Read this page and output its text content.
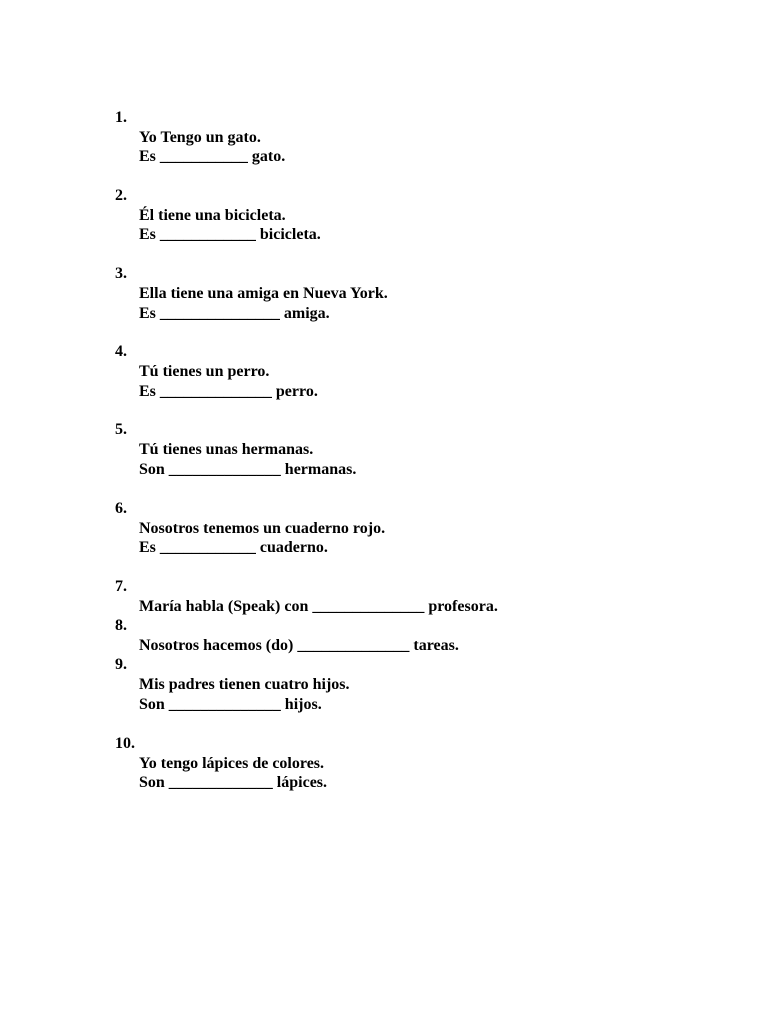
1.

Yo Tengo un gato.

Es ___________ gato.

2.

Él tiene una bicicleta.

Es ____________ bicicleta.

3.

Ella tiene una amiga en Nueva York.

Es _______________ amiga.

4.

Tú tienes un perro.

Es ______________ perro.

5.

Tú tienes unas hermanas.

Son ______________ hermanas.

6.

Nosotros tenemos un cuaderno rojo.

Es ____________ cuaderno.

7.

María habla (Speak) con ______________ profesora.

8.

Nosotros hacemos (do) ______________ tareas.

9.

Mis padres tienen cuatro hijos.

Son ______________ hijos.

10.

Yo tengo lápices de colores.

Son _____________ lápices.
